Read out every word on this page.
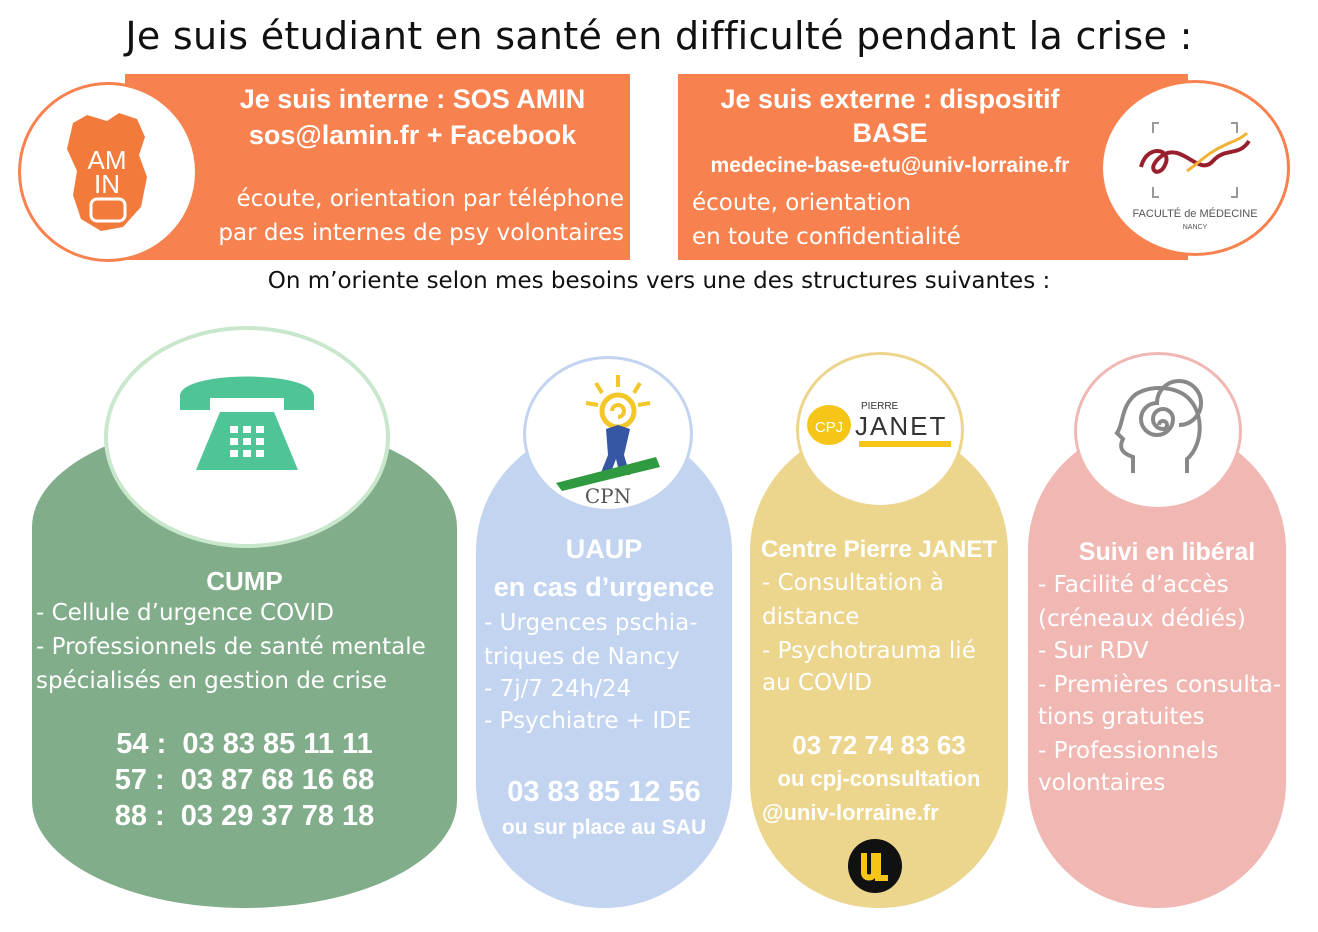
Je suis étudiant en santé en difficulté pendant la crise :
AM
IN
Je suis interne : SOS AMIN
sos@lamin.fr + Facebook
écoute, orientation par téléphone
par des internes de psy volontaires
FACULTÉ de MÉDECINE
NANCY
Je suis externe : dispositif
BASE
medecine-base-etu@univ-lorraine.fr
écoute, orientation
en toute confidentialité
On m’oriente selon mes besoins vers une des structures suivantes :
CUMP
- Cellule d’urgence COVID
- Professionnels de santé mentale
spécialisés en gestion de crise
54 :  03 83 85 11 11
57 :  03 87 68 16 68
88 :  03 29 37 78 18
CPN
UAUP
en cas d’urgence
- Urgences pschia-
triques de Nancy
- 7j/7 24h/24
- Psychiatre + IDE
03 83 85 12 56
ou sur place au SAU
CPJ
PIERRE
JANET
Centre Pierre JANET
- Consultation à
distance
- Psychotrauma lié
au COVID
03 72 74 83 63
ou cpj-consultation
@univ-lorraine.fr
Suivi en libéral
- Facilité d’accès
(créneaux dédiés)
- Sur RDV
- Premières consulta-
tions gratuites
- Professionnels
volontaires
